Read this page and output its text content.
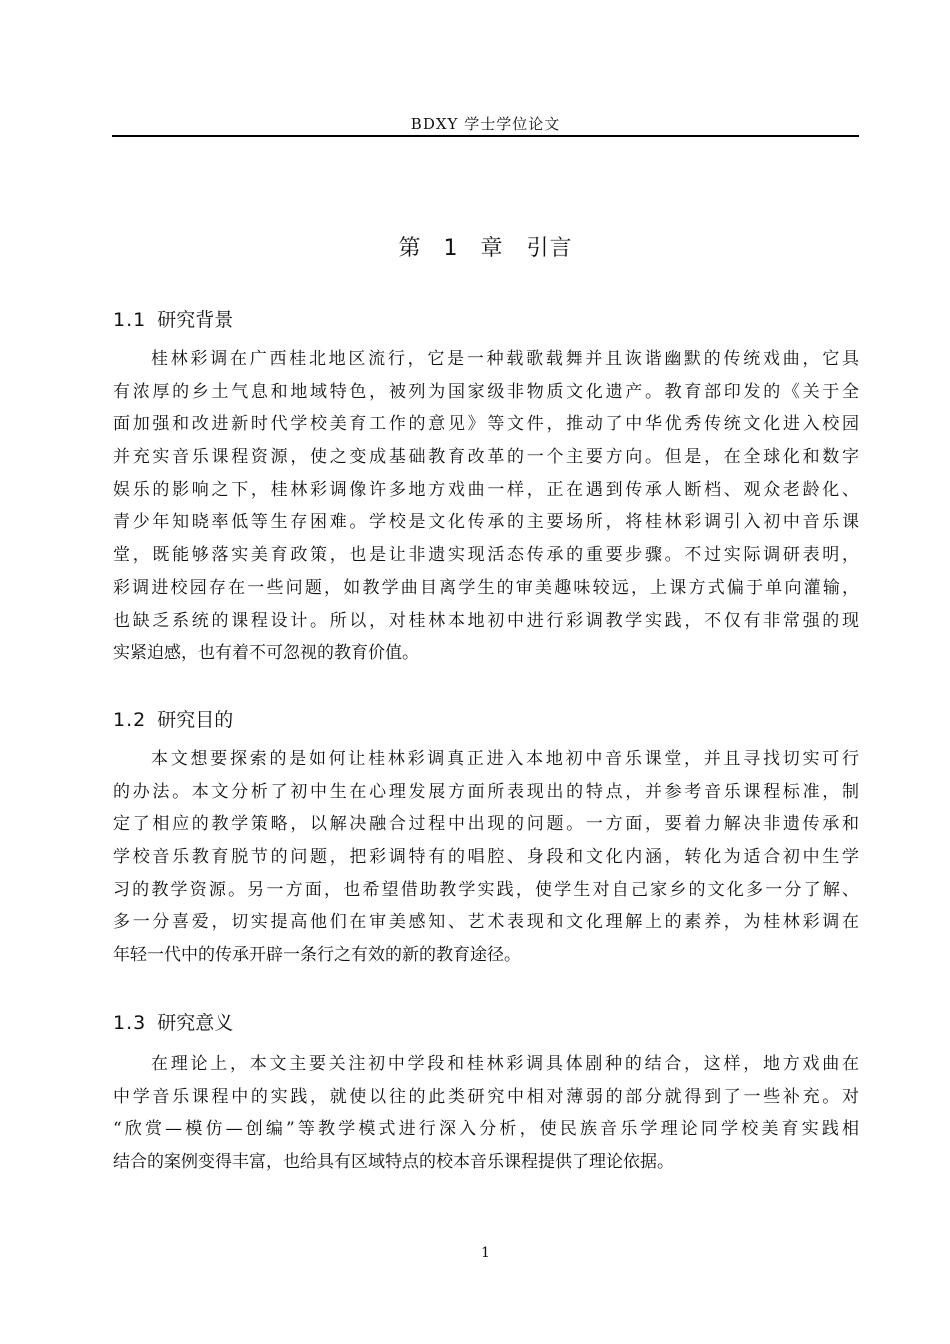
BDXY 学士学位论文
第 1 章　引言
1.1 研究背景
桂林彩调在广西桂北地区流行，它是一种载歌载舞并且诙谐幽默的传统戏曲，它具
有浓厚的乡土气息和地域特色，被列为国家级非物质文化遗产。教育部印发的《关于全
面加强和改进新时代学校美育工作的意见》等文件，推动了中华优秀传统文化进入校园
并充实音乐课程资源，使之变成基础教育改革的一个主要方向。但是，在全球化和数字
娱乐的影响之下，桂林彩调像许多地方戏曲一样，正在遇到传承人断档、观众老龄化、
青少年知晓率低等生存困难。学校是文化传承的主要场所，将桂林彩调引入初中音乐课
堂，既能够落实美育政策，也是让非遗实现活态传承的重要步骤。不过实际调研表明，
彩调进校园存在一些问题，如教学曲目离学生的审美趣味较远，上课方式偏于单向灌输，
也缺乏系统的课程设计。所以，对桂林本地初中进行彩调教学实践，不仅有非常强的现
实紧迫感，也有着不可忽视的教育价值。
1.2 研究目的
本文想要探索的是如何让桂林彩调真正进入本地初中音乐课堂，并且寻找切实可行
的办法。本文分析了初中生在心理发展方面所表现出的特点，并参考音乐课程标准，制
定了相应的教学策略，以解决融合过程中出现的问题。一方面，要着力解决非遗传承和
学校音乐教育脱节的问题，把彩调特有的唱腔、身段和文化内涵，转化为适合初中生学
习的教学资源。另一方面，也希望借助教学实践，使学生对自己家乡的文化多一分了解、
多一分喜爱，切实提高他们在审美感知、艺术表现和文化理解上的素养，为桂林彩调在
年轻一代中的传承开辟一条行之有效的新的教育途径。
1.3 研究意义
在理论上，本文主要关注初中学段和桂林彩调具体剧种的结合，这样，地方戏曲在
中学音乐课程中的实践，就使以往的此类研究中相对薄弱的部分就得到了一些补充。对
“欣赏—模仿—创编”等教学模式进行深入分析，使民族音乐学理论同学校美育实践相
结合的案例变得丰富，也给具有区域特点的校本音乐课程提供了理论依据。
1
